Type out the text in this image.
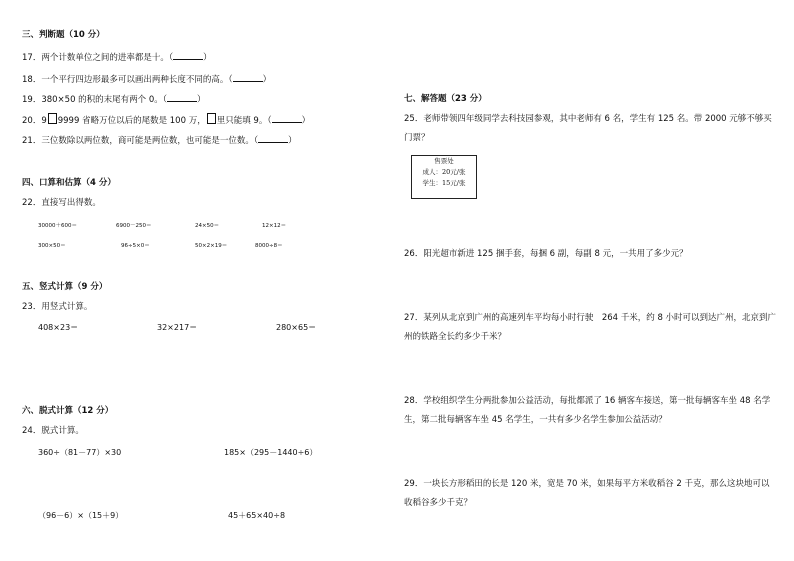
三、判断题（10 分）
17．两个计数单位之间的进率都是十。（	）
18．一个平行四边形最多可以画出两种长度不同的高。（	）
19．380×50 的积的末尾有两个 0。（	）
20．9 9999 省略万位以后的尾数是 100 万， 里只能填 9。（	）
21．三位数除以两位数，商可能是两位数，也可能是一位数。（	）
四、口算和估算（4 分）
22．直接写出得数。
30000＋600＝	6900－250＝	24×50＝	12×12＝
300×50＝	96÷5×0＝	50×2×19＝	8000÷8＝
五、竖式计算（9 分）
23．用竖式计算。
408×23＝	32×217＝	280×65＝
六、脱式计算（12 分）
24．脱式计算。
360÷（81－77）×30	185×（295－1440÷6）
（96－6）×（15＋9）	45＋65×40÷8
七、解答题（23 分）
25．老师带领四年级同学去科技园参观，其中老师有 6 名，学生有 125 名。带 2000 元够不够买
门票？
售票处
成人：20元/张
学生：15元/张
26．阳光超市新进 125 捆手套，每捆 6 副，每副 8 元，一共用了多少元？
27．某列从北京到广州的高速列车平均每小时行驶　264 千米，约 8 小时可以到达广州，北京到广
州的铁路全长约多少千米？
28．学校组织学生分两批参加公益活动，每批都派了 16 辆客车接送，第一批每辆客车坐 48 名学
生，第二批每辆客车坐 45 名学生，一共有多少名学生参加公益活动？
29．一块长方形稻田的长是 120 米，宽是 70 米，如果每平方米收稻谷 2 千克，那么这块地可以
收稻谷多少千克？
